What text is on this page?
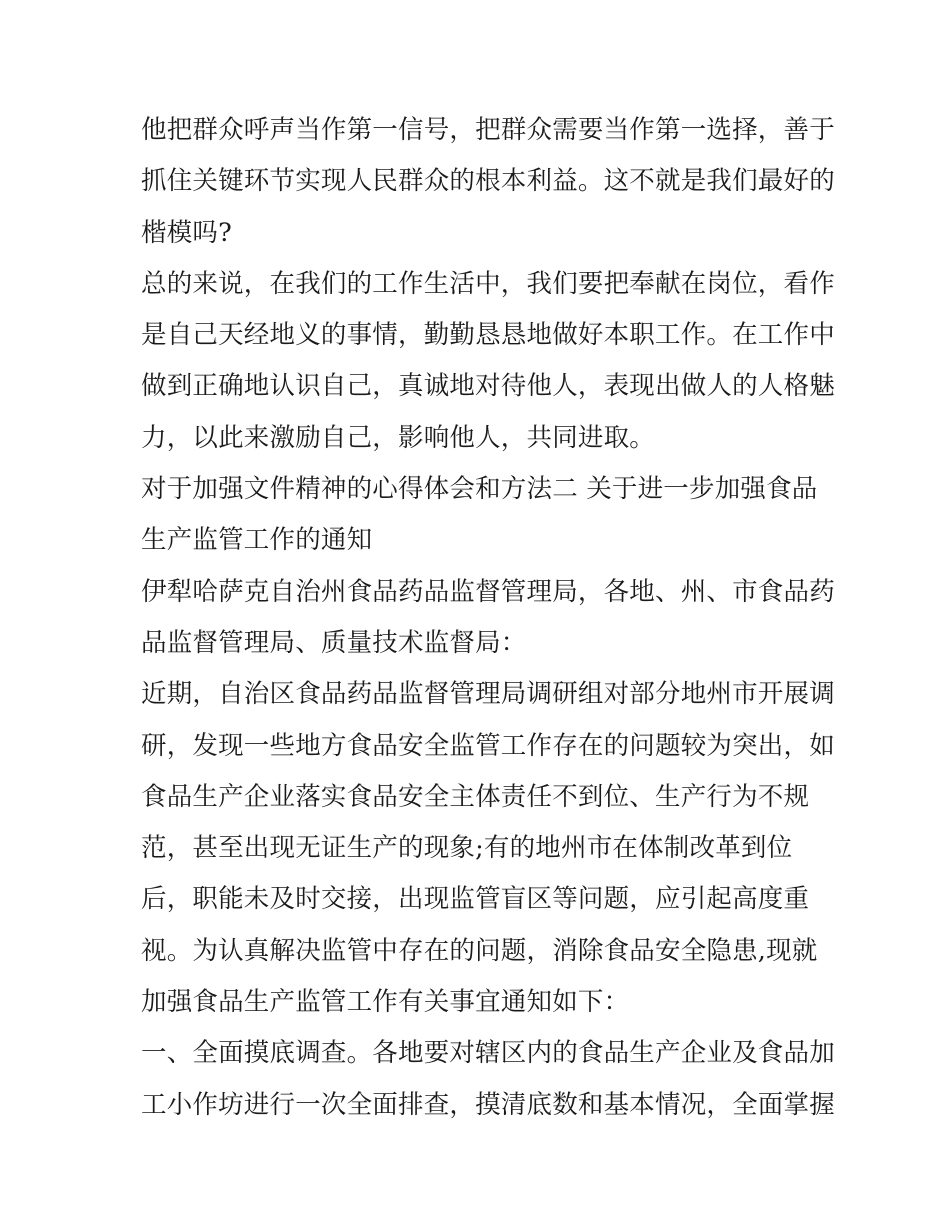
他把群众呼声当作第一信号，把群众需要当作第一选择，善于
抓住关键环节实现人民群众的根本利益。这不就是我们最好的
楷模吗?
总的来说，在我们的工作生活中，我们要把奉献在岗位，看作
是自己天经地义的事情，勤勤恳恳地做好本职工作。在工作中
做到正确地认识自己，真诚地对待他人，表现出做人的人格魅
力，以此来激励自己，影响他人，共同进取。
对于加强文件精神的心得体会和方法二 关于进一步加强食品
生产监管工作的通知
伊犁哈萨克自治州食品药品监督管理局，各地、州、市食品药
品监督管理局、质量技术监督局：
近期，自治区食品药品监督管理局调研组对部分地州市开展调
研，发现一些地方食品安全监管工作存在的问题较为突出，如
食品生产企业落实食品安全主体责任不到位、生产行为不规
范，甚至出现无证生产的现象;有的地州市在体制改革到位
后，职能未及时交接，出现监管盲区等问题，应引起高度重
视。为认真解决监管中存在的问题，消除食品安全隐患,现就
加强食品生产监管工作有关事宜通知如下：
一、全面摸底调查。各地要对辖区内的食品生产企业及食品加
工小作坊进行一次全面排查，摸清底数和基本情况，全面掌握
